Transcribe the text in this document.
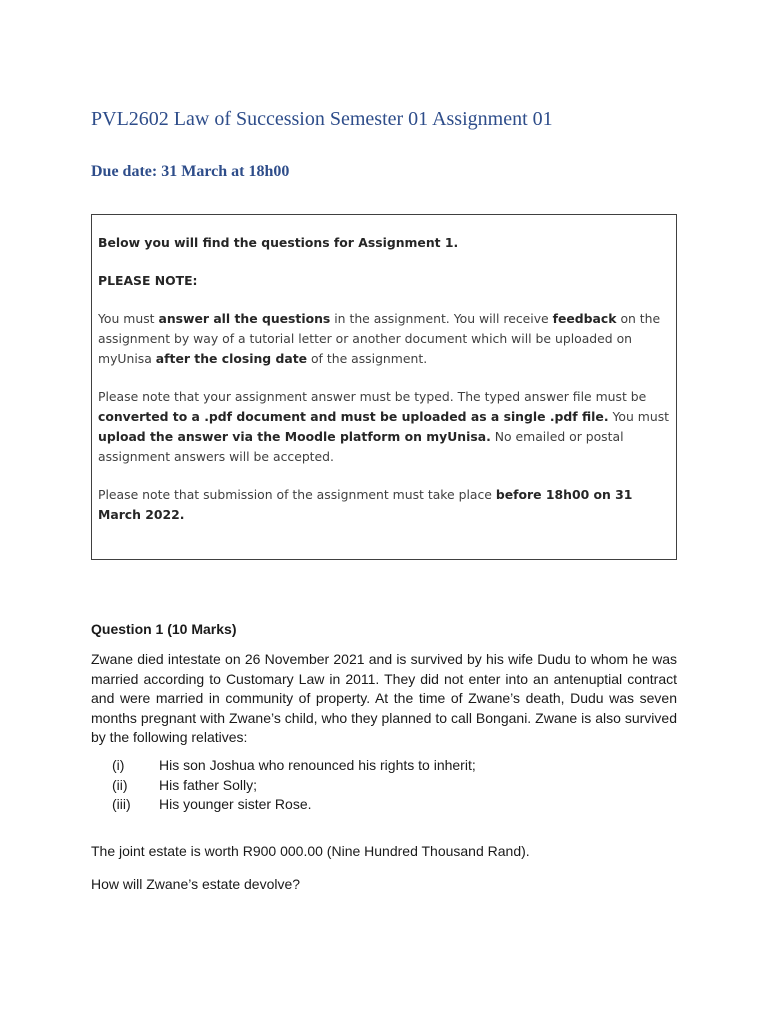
PVL2602 Law of Succession Semester 01 Assignment 01
Due date: 31 March at 18h00

Below you will find the questions for Assignment 1.

PLEASE NOTE:

You must answer all the questions in the assignment. You will receive feedback on the assignment by way of a tutorial letter or another document which will be uploaded on myUnisa after the closing date of the assignment.

Please note that your assignment answer must be typed. The typed answer file must be converted to a .pdf document and must be uploaded as a single .pdf file. You must upload the answer via the Moodle platform on myUnisa. No emailed or postal assignment answers will be accepted.

Please note that submission of the assignment must take place before 18h00 on 31 March 2022.

Question 1 (10 Marks)

Zwane died intestate on 26 November 2021 and is survived by his wife Dudu to whom he was married according to Customary Law in 2011. They did not enter into an antenuptial contract and were married in community of property. At the time of Zwane’s death, Dudu was seven months pregnant with Zwane’s child, who they planned to call Bongani. Zwane is also survived by the following relatives:

(i)	His son Joshua who renounced his rights to inherit;
(ii)	His father Solly;
(iii)	His younger sister Rose.
The joint estate is worth R900 000.00 (Nine Hundred Thousand Rand).
How will Zwane’s estate devolve?
